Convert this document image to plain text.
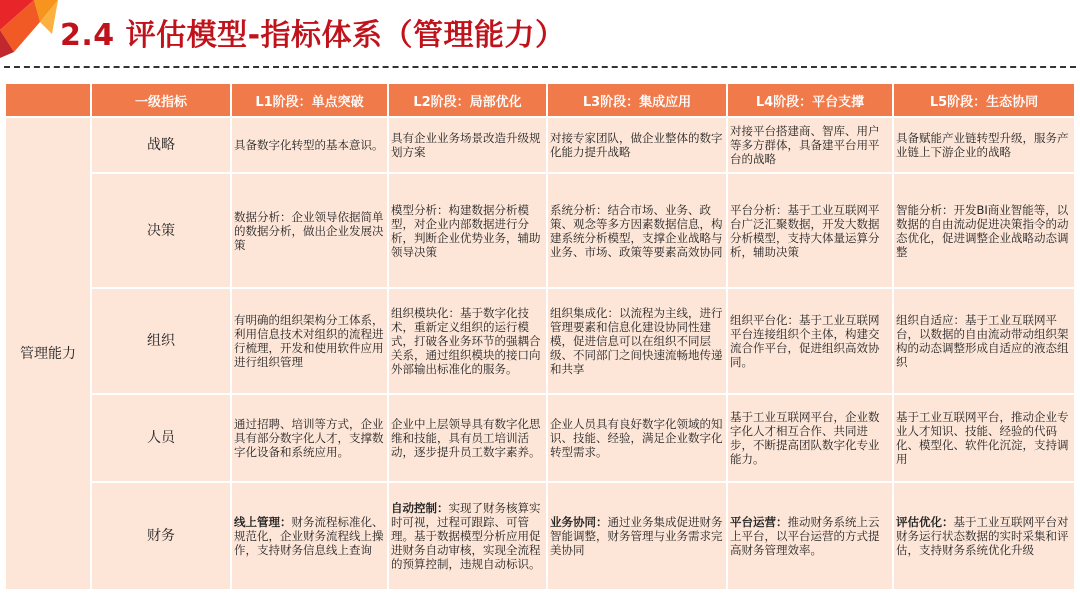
2.4 评估模型-指标体系（管理能力）
	一级指标	L1阶段：单点突破	L2阶段：局部优化	L3阶段：集成应用	L4阶段：平台支撑	L5阶段：生态协同
管理能力	战略	具备数字化转型的基本意识。	具有企业业务场景改造升级规划方案	对接专家团队，做企业整体的数字化能力提升战略	对接平台搭建商、智库、用户等多方群体，具备建平台用平台的战略	具备赋能产业链转型升级，服务产业链上下游企业的战略
	决策	数据分析：企业领导依据简单的数据分析，做出企业发展决策	模型分析：构建数据分析模型，对企业内部数据进行分析，判断企业优势业务，辅助领导决策	系统分析：结合市场、业务、政策、观念等多方因素数据信息，构建系统分析模型，支撑企业战略与业务、市场、政策等要素高效协同	平台分析：基于工业互联网平台广泛汇聚数据，开发大数据分析模型，支持大体量运算分析，辅助决策	智能分析：开发BI商业智能等，以数据的自由流动促进决策指令的动态优化，促进调整企业战略动态调整
	组织	有明确的组织架构分工体系，利用信息技术对组织的流程进行梳理，开发和使用软件应用进行组织管理	组织模块化：基于数字化技术，重新定义组织的运行模式，打破各业务环节的强耦合关系，通过组织模块的接口向外部输出标准化的服务。	组织集成化：以流程为主线，进行管理要素和信息化建设协同性建模，促进信息可以在组织不同层级、不同部门之间快速流畅地传递和共享	组织平台化：基于工业互联网平台连接组织个主体，构建交流合作平台，促进组织高效协同。	组织自适应：基于工业互联网平台，以数据的自由流动带动组织架构的动态调整形成自适应的液态组织
	人员	通过招聘、培训等方式，企业具有部分数字化人才，支撑数字化设备和系统应用。	企业中上层领导具有数字化思维和技能，具有员工培训活动，逐步提升员工数字素养。	企业人员具有良好数字化领域的知识、技能、经验，满足企业数字化转型需求。	基于工业互联网平台，企业数字化人才相互合作、共同进步，不断提高团队数字化专业能力。	基于工业互联网平台，推动企业专业人才知识、技能、经验的代码化、模型化、软件化沉淀，支持调用
	财务	线上管理：财务流程标准化、规范化，企业财务流程线上操作，支持财务信息线上查询	自动控制：实现了财务核算实时可视，过程可跟踪、可管理。基于数据模型分析应用促进财务自动审核，实现全流程的预算控制，违规自动标识。	业务协同：通过业务集成促进财务智能调整，财务管理与业务需求完美协同	平台运营：推动财务系统上云上平台，以平台运营的方式提高财务管理效率。	评估优化：基于工业互联网平台对财务运行状态数据的实时采集和评估，支持财务系统优化升级
